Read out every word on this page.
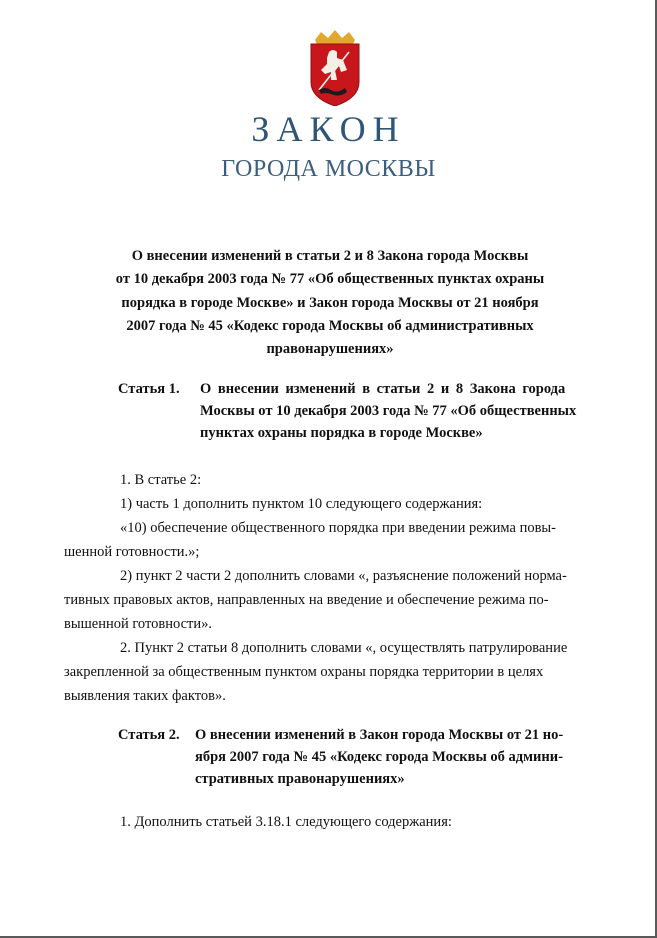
ЗАКОН
ГОРОДА МОСКВЫ
О внесении изменений в статьи 2 и 8 Закона города Москвы
от 10 декабря 2003 года № 77 «Об общественных пунктах охраны
порядка в городе Москве» и Закон города Москвы от 21 ноября
2007 года № 45 «Кодекс города Москвы об административных
правонарушениях»
Статья 1. О внесении изменений в статьи 2 и 8 Закона города
Москвы от 10 декабря 2003 года № 77 «Об общественных
пунктах охраны порядка в городе Москве»
1. В статье 2:
1) часть 1 дополнить пунктом 10 следующего содержания:
«10) обеспечение общественного порядка при введении режима повы-
шенной готовности.»;
2) пункт 2 части 2 дополнить словами «, разъяснение положений норма-
тивных правовых актов, направленных на введение и обеспечение режима по-
вышенной готовности».
2. Пункт 2 статьи 8 дополнить словами «, осуществлять патрулирование
закрепленной за общественным пунктом охраны порядка территории в целях
выявления таких фактов».
Статья 2. О внесении изменений в Закон города Москвы от 21 но-
ября 2007 года № 45 «Кодекс города Москвы об админи-
стративных правонарушениях»
1. Дополнить статьей 3.18.1 следующего содержания:
